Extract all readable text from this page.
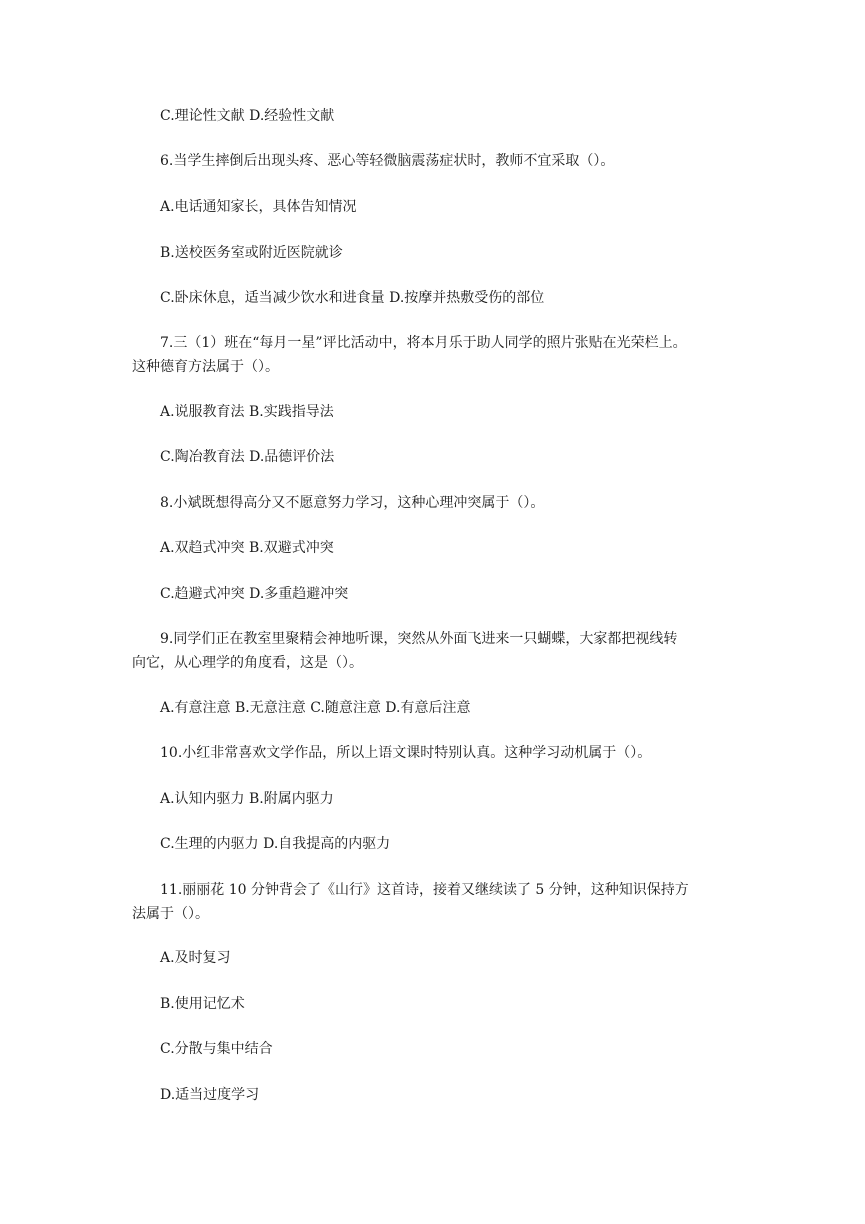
C.理论性文献 D.经验性文献
6.当学生摔倒后出现头疼、恶心等轻微脑震荡症状时，教师不宜采取（）。
A.电话通知家长，具体告知情况
B.送校医务室或附近医院就诊
C.卧床休息，适当减少饮水和进食量 D.按摩并热敷受伤的部位
7.三（1）班在“每月一星”评比活动中，将本月乐于助人同学的照片张贴在光荣栏上。
这种德育方法属于（）。
A.说服教育法 B.实践指导法
C.陶冶教育法 D.品德评价法
8.小斌既想得高分又不愿意努力学习，这种心理冲突属于（）。
A.双趋式冲突 B.双避式冲突
C.趋避式冲突 D.多重趋避冲突
9.同学们正在教室里聚精会神地听课，突然从外面飞进来一只蝴蝶，大家都把视线转
向它，从心理学的角度看，这是（）。
A.有意注意 B.无意注意 C.随意注意 D.有意后注意
10.小红非常喜欢文学作品，所以上语文课时特别认真。这种学习动机属于（）。
A.认知内驱力 B.附属内驱力
C.生理的内驱力 D.自我提高的内驱力
11.丽丽花 10 分钟背会了《山行》这首诗，接着又继续读了 5 分钟，这种知识保持方
法属于（）。
A.及时复习
B.使用记忆术
C.分散与集中结合
D.适当过度学习
